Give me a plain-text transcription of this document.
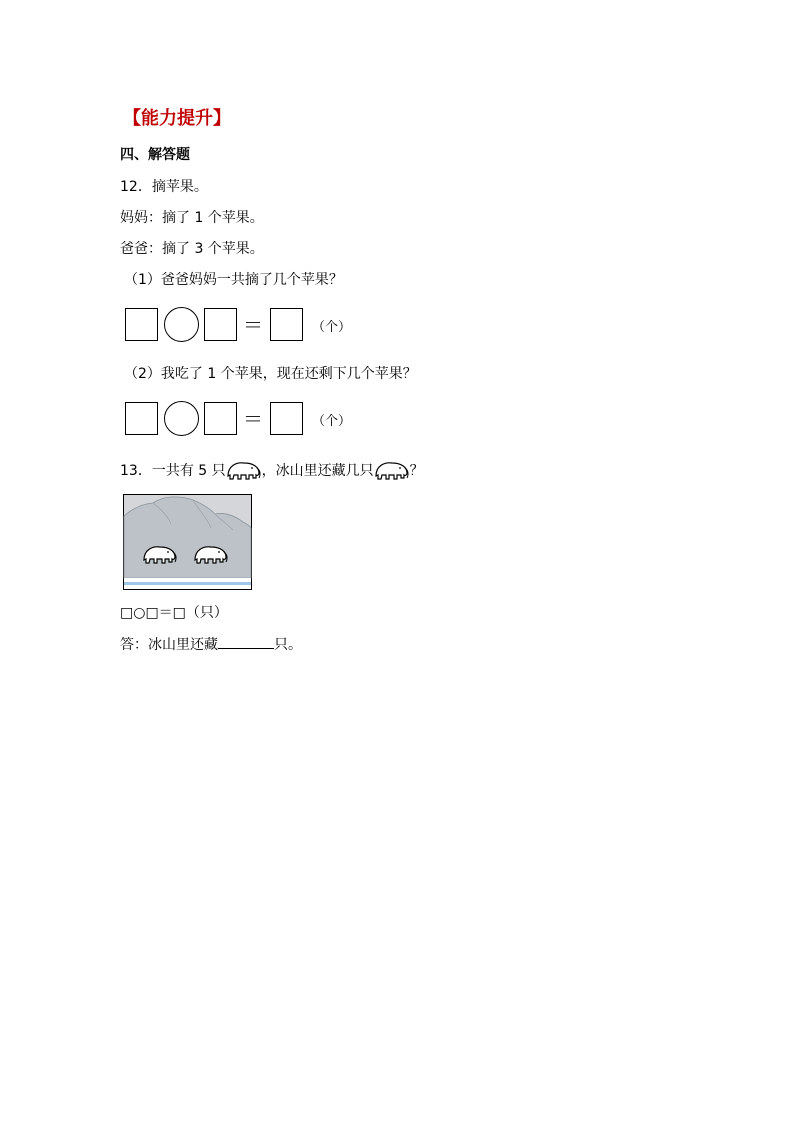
【能力提升】
四、解答题
12．摘苹果。
妈妈：摘了 1 个苹果。
爸爸：摘了 3 个苹果。
（1）爸爸妈妈一共摘了几个苹果？
＝	（个）
（2）我吃了 1 个苹果，现在还剩下几个苹果？
＝	（个）
13．一共有 5 只	，冰山里还藏几只	？
□○□＝□（只）
答：冰山里还藏	只。
